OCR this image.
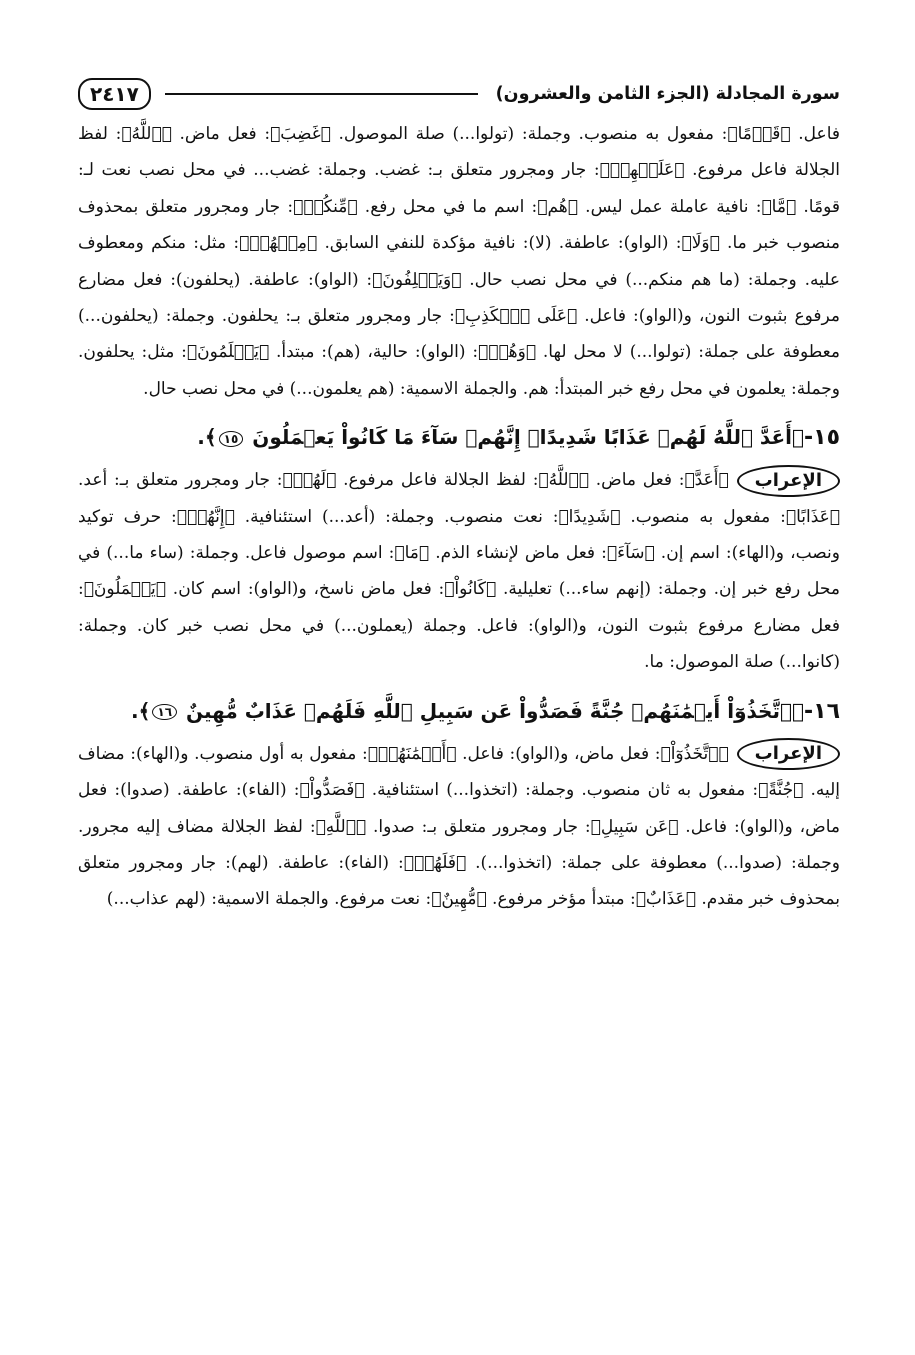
سورة المجادلة (الجزء الثامن والعشرون)
٢٤١٧

فاعل. ﴿قَوۡمًا﴾: مفعول به منصوب. وجملة: (تولوا...) صلة الموصول. ﴿غَضِبَ﴾: فعل ماض. ﴿ٱللَّهُ﴾: لفظ الجلالة فاعل مرفوع. ﴿عَلَيۡهِمۡ﴾: جار ومجرور متعلق بـ: غضب. وجملة: غضب... في محل نصب نعت لـ: قومًا. ﴿مَّا﴾: نافية عاملة عمل ليس. ﴿هُم﴾: اسم ما في محل رفع. ﴿مِّنكُمۡ﴾: جار ومجرور متعلق بمحذوف منصوب خبر ما. ﴿وَلَا﴾: (الواو): عاطفة. (لا): نافية مؤكدة للنفي السابق. ﴿مِنۡهُمۡ﴾: مثل: منكم ومعطوف عليه. وجملة: (ما هم منكم...) في محل نصب حال. ﴿وَيَحۡلِفُونَ﴾: (الواو): عاطفة. (يحلفون): فعل مضارع مرفوع بثبوت النون، و(الواو): فاعل. ﴿عَلَى ٱلۡكَذِبِ﴾: جار ومجرور متعلق بـ: يحلفون. وجملة: (يحلفون...) معطوفة على جملة: (تولوا...) لا محل لها. ﴿وَهُمۡ﴾: (الواو): حالية، (هم): مبتدأ. ﴿يَعۡلَمُونَ﴾: مثل: يحلفون. وجملة: يعلمون في محل رفع خبر المبتدأ: هم. والجملة الاسمية: (هم يعلمون...) في محل نصب حال.

١٥-﴿أَعَدَّ ٱللَّهُ لَهُمۡ عَذَابًا شَدِيدًاۖ إِنَّهُمۡ سَآءَ مَا كَانُواْ يَعۡمَلُونَ ١٥﴾.

الإعراب﴿أَعَدَّ﴾: فعل ماض. ﴿ٱللَّهُ﴾: لفظ الجلالة فاعل مرفوع. ﴿لَهُمۡ﴾: جار ومجرور متعلق بـ: أعد. ﴿عَذَابًا﴾: مفعول به منصوب. ﴿شَدِيدًا﴾: نعت منصوب. وجملة: (أعد...) استئنافية. ﴿إِنَّهُمۡ﴾: حرف توكيد ونصب، و(الهاء): اسم إن. ﴿سَآءَ﴾: فعل ماض لإنشاء الذم. ﴿مَا﴾: اسم موصول فاعل. وجملة: (ساء ما...) في محل رفع خبر إن. وجملة: (إنهم ساء...) تعليلية. ﴿كَانُواْ﴾: فعل ماض ناسخ، و(الواو): اسم كان. ﴿يَعۡمَلُونَ﴾: فعل مضارع مرفوع بثبوت النون، و(الواو): فاعل. وجملة (يعملون...) في محل نصب خبر كان. وجملة: (كانوا...) صلة الموصول: ما.

١٦-﴿ٱتَّخَذُوٓاْ أَيۡمَٰنَهُمۡ جُنَّةً فَصَدُّواْ عَن سَبِيلِ ٱللَّهِ فَلَهُمۡ عَذَابٌ مُّهِينٌ ١٦﴾.

الإعراب﴿ٱتَّخَذُوٓاْ﴾: فعل ماض، و(الواو): فاعل. ﴿أَيۡمَٰنَهُمۡ﴾: مفعول به أول منصوب. و(الهاء): مضاف إليه. ﴿جُنَّةً﴾: مفعول به ثان منصوب. وجملة: (اتخذوا...) استئنافية. ﴿فَصَدُّواْ﴾: (الفاء): عاطفة. (صدوا): فعل ماض، و(الواو): فاعل. ﴿عَن سَبِيلِ﴾: جار ومجرور متعلق بـ: صدوا. ﴿ٱللَّهِ﴾: لفظ الجلالة مضاف إليه مجرور. وجملة: (صدوا...) معطوفة على جملة: (اتخذوا...). ﴿فَلَهُمۡ﴾: (الفاء): عاطفة. (لهم): جار ومجرور متعلق بمحذوف خبر مقدم. ﴿عَذَابٌ﴾: مبتدأ مؤخر مرفوع. ﴿مُّهِينٌ﴾: نعت مرفوع. والجملة الاسمية: (لهم عذاب...)
